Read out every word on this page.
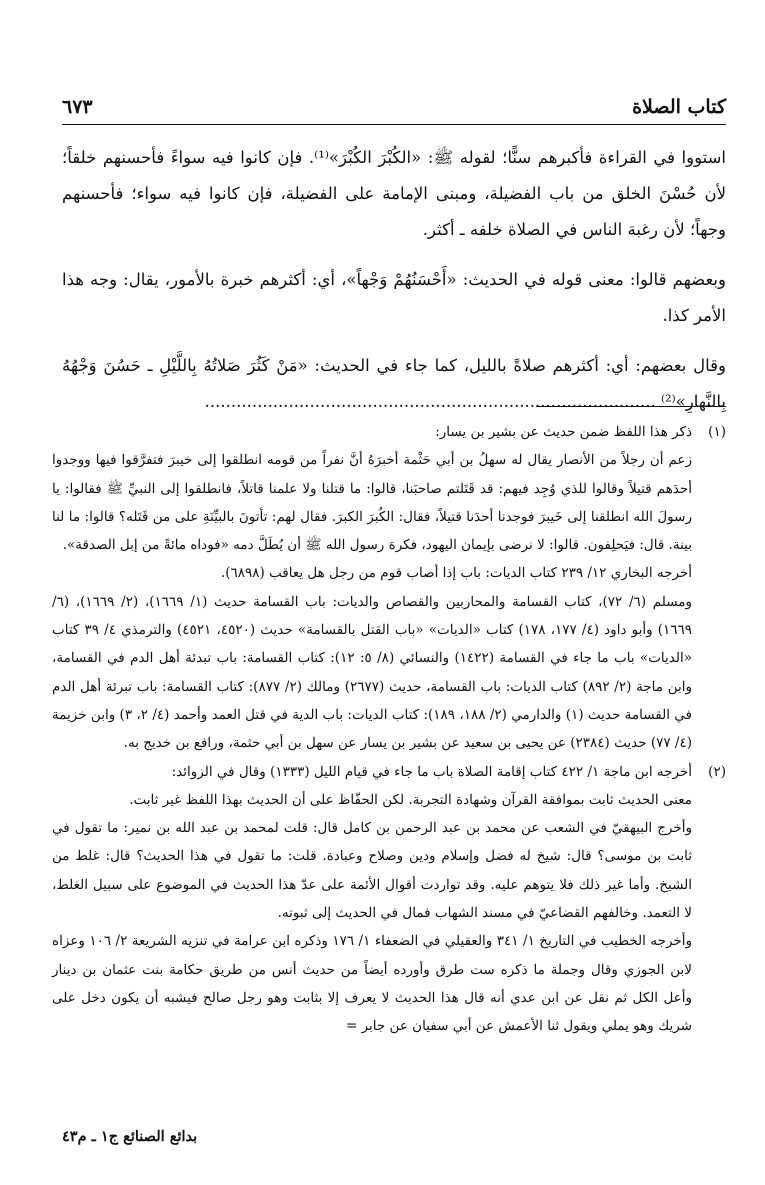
٦٧٣	كتاب الصلاة

استووا في القراءة فأكبرهم سنًّا؛ لقوله ﷺ: «الكُبْرَ الكُبْرَ»⁽¹⁾. فإن كانوا فيه سواءً فأحسنهم خلقاً؛ لأن حُسْنَ الخلق من باب الفضيلة، ومبنى الإمامة على الفضيلة، فإن كانوا فيه سواء؛ فأحسنهم وجهاً؛ لأن رغبة الناس في الصلاة خلفه ـ أكثر.

وبعضهم قالوا: معنى قوله في الحديث: «أَحْسَنُهُمْ وَجْهاً»، أي: أكثرهم خبرة بالأمور، يقال: وجه هذا الأمر كذا.

وقال بعضهم: أي: أكثرهم صلاةً بالليل، كما جاء في الحديث: «مَنْ كَثُرَ صَلاتُهُ بِاللَّيْلِ ـ حَسُنَ وَجْهُهُ بِالنَّهارِ»⁽²⁾ ......................................................................................

(١)

ذكر هذا اللفظ ضمن حديث عن بشير بن يسار:

زعم أن رجلاً من الأنصار يقال له سهلُ بن أبي حَثْمة أخبرَهُ أنَّ نفراً من قومه انطلقوا إلى خيبرَ فتفرَّقوا فيها ووجدوا أحدَهم قتيلاً وقالوا للذي وُجِد فيهم: قد قَتَلتم صاحبَنا، قالوا: ما قتلنا ولا علمنا قاتلاً، فانطلقوا إلى النبيِّ ﷺ فقالوا: يا رسولَ الله انطلقنا إلى خَيبرَ فوجدنا أحدَنا قتيلاً، فقال: الكُبرَ الكبرَ. فقال لهم: تأتونَ بالبيِّنَةِ على من قَتَله؟ قالوا: ما لنا بينة. قال: فيَحلِفون. قالوا: لا نرضى بإيمان اليهود، فكرهَ رسول الله ﷺ أن يُطَلَّ دمه «فوداه مائةً من إبل الصدقة».

أخرجه البخاري ١٢/ ٢٣٩ كتاب الديات: باب إذا أصاب قوم من رجل هل يعاقب (٦٨٩٨).

ومسلم (٦/ ٧٢)، كتاب القسامة والمحاربين والقصاص والديات: باب القسامة حديث (١/ ١٦٦٩)، (٢/ ١٦٦٩)، (٦/ ١٦٦٩) وأبو داود (٤/ ١٧٧، ١٧٨) كتاب «الديات» «باب القتل بالقسامة» حديث (٤٥٢٠، ٤٥٢١) والترمذي ٤/ ٣٩ كتاب «الديات» باب ما جاء في القسامة (١٤٢٢) والنسائي (٨/ ٥: ١٢): كتاب القسامة: باب تبدئة أهل الدم في القسامة، وابن ماجة (٢/ ٨٩٢) كتاب الديات: باب القسامة، حديث (٢٦٧٧) ومالك (٢/ ٨٧٧): كتاب القسامة: باب تبرئة أهل الدم في القسامة حديث (١) والدارمي (٢/ ١٨٨، ١٨٩): كتاب الديات: باب الدية في قتل العمد وأحمد (٤/ ٢، ٣) وابن خزيمة (٤/ ٧٧) حديث (٢٣٨٤) عن يحيى بن سعيد عن بشير بن يسار عن سهل بن أبي حثمة، ورافع بن خديج به.

(٢)

أخرجه ابن ماجة ١/ ٤٢٢ كتاب إقامة الصلاة باب ما جاء في قيام الليل (١٣٣٣) وقال في الزوائد:

معنى الحديث ثابت بموافقة القرآن وشهادة التجربة. لكن الحفّاظ على أن الحديث بهذا اللفظ غير ثابت.

وأخرج البيهقيّ في الشعب عن محمد بن عبد الرحمن بن كامل قال: قلت لمحمد بن عبد الله بن نمير: ما تقول في ثابت بن موسى؟ قال: شيخ له فضل وإسلام ودين وصلاح وعبادة. قلت: ما تقول في هذا الحديث؟ قال: غلط من الشيخ. وأما غير ذلك فلا يتوهم عليه. وقد تواردت أقوال الأئمة على عدّ هذا الحديث في الموضوع على سبيل الغلط، لا التعمد. وخالفهم القضاعيّ في مسند الشهاب فمال في الحديث إلى ثبوته.

وأخرجه الخطيب في التاريخ ١/ ٣٤١ والعقيلي في الضعفاء ١/ ١٧٦ وذكره ابن عرامة في تنزيه الشريعة ٢/ ١٠٦ وعزاه لابن الجوزي وقال وجملة ما ذكره ست طرق وأورده أيضاً من حديث أنس من طريق حكامة بنت عثمان بن دينار وأعل الكل ثم نقل عن ابن عدي أنه قال هذا الحديث لا يعرف إلا بثابت وهو رجل صالح فيشبه أن يكون دخل على شريك وهو يملي ويقول ثنا الأعمش عن أبي سفيان عن جابر =

بدائع الصنائع ج١ ـ م٤٣
